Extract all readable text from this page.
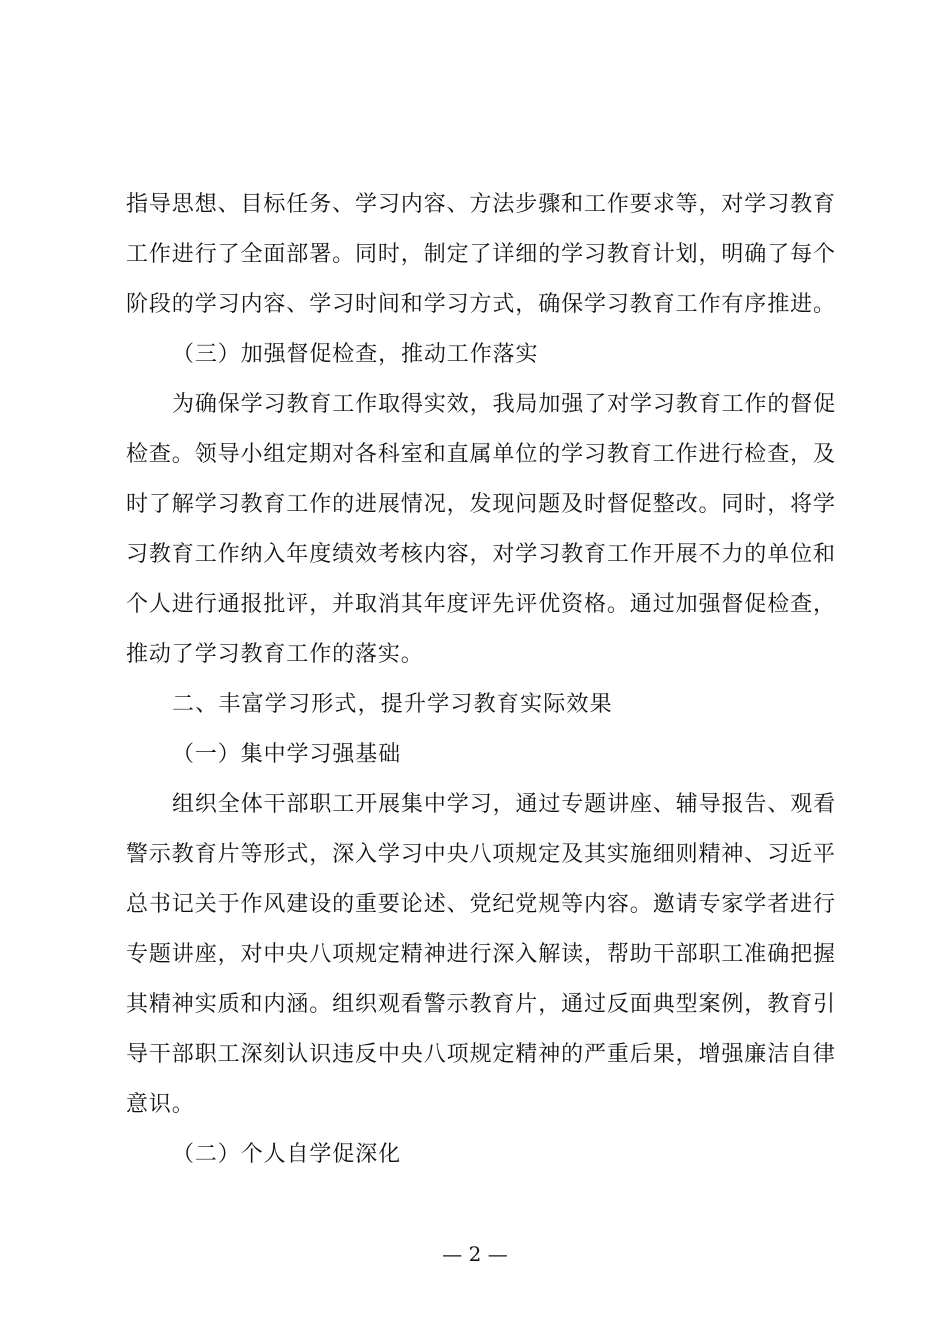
指导思想、目标任务、学习内容、方法步骤和工作要求等，对学习教育
工作进行了全面部署。同时，制定了详细的学习教育计划，明确了每个
阶段的学习内容、学习时间和学习方式，确保学习教育工作有序推进。
（三）加强督促检查，推动工作落实
为确保学习教育工作取得实效，我局加强了对学习教育工作的督促
检查。领导小组定期对各科室和直属单位的学习教育工作进行检查，及
时了解学习教育工作的进展情况，发现问题及时督促整改。同时，将学
习教育工作纳入年度绩效考核内容，对学习教育工作开展不力的单位和
个人进行通报批评，并取消其年度评先评优资格。通过加强督促检查，
推动了学习教育工作的落实。
二、丰富学习形式，提升学习教育实际效果
（一）集中学习强基础
组织全体干部职工开展集中学习，通过专题讲座、辅导报告、观看
警示教育片等形式，深入学习中央八项规定及其实施细则精神、习近平
总书记关于作风建设的重要论述、党纪党规等内容。邀请专家学者进行
专题讲座，对中央八项规定精神进行深入解读，帮助干部职工准确把握
其精神实质和内涵。组织观看警示教育片，通过反面典型案例，教育引
导干部职工深刻认识违反中央八项规定精神的严重后果，增强廉洁自律
意识。
（二）个人自学促深化
— 2 —
